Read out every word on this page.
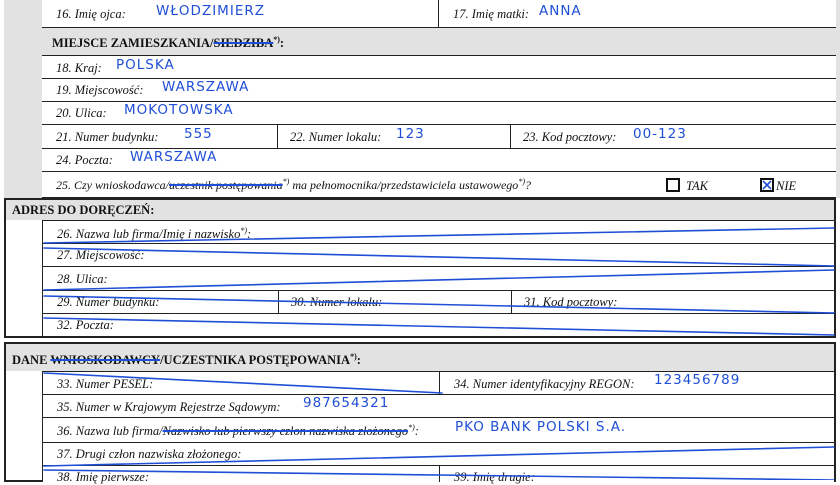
16. Imię ojca: WŁODZIMIERZ	17. Imię matki: ANNA
MIEJSCE ZAMIESZKANIA/SIEDZIBA*):
18. Kraj: POLSKA
19. Miejscowość: WARSZAWA
20. Ulica: MOKOTOWSKA
21. Numer budynku: 555	22. Numer lokalu: 123	23. Kod pocztowy: 00-123
24. Poczta: WARSZAWA
25. Czy wnioskodawca/uczestnik postępowania*) ma pełnomocnika/przedstawiciela ustawowego*)?	TAK	NIE
ADRES DO DORĘCZEŃ:
26. Nazwa lub firma/Imię i nazwisko*):
27. Miejscowość:
28. Ulica:
29. Numer budynku:	30. Numer lokalu:	31. Kod pocztowy:
32. Poczta:
DANE WNIOSKODAWCY/UCZESTNIKA POSTĘPOWANIA*):
33. Numer PESEL:	34. Numer identyfikacyjny REGON: 123456789
35. Numer w Krajowym Rejestrze Sądowym: 987654321
36. Nazwa lub firma/Nazwisko lub pierwszy człon nazwiska złożonego*):	PKO BANK POLSKI S.A.
37. Drugi człon nazwiska złożonego:
38. Imię pierwsze:	39. Imię drugie:
